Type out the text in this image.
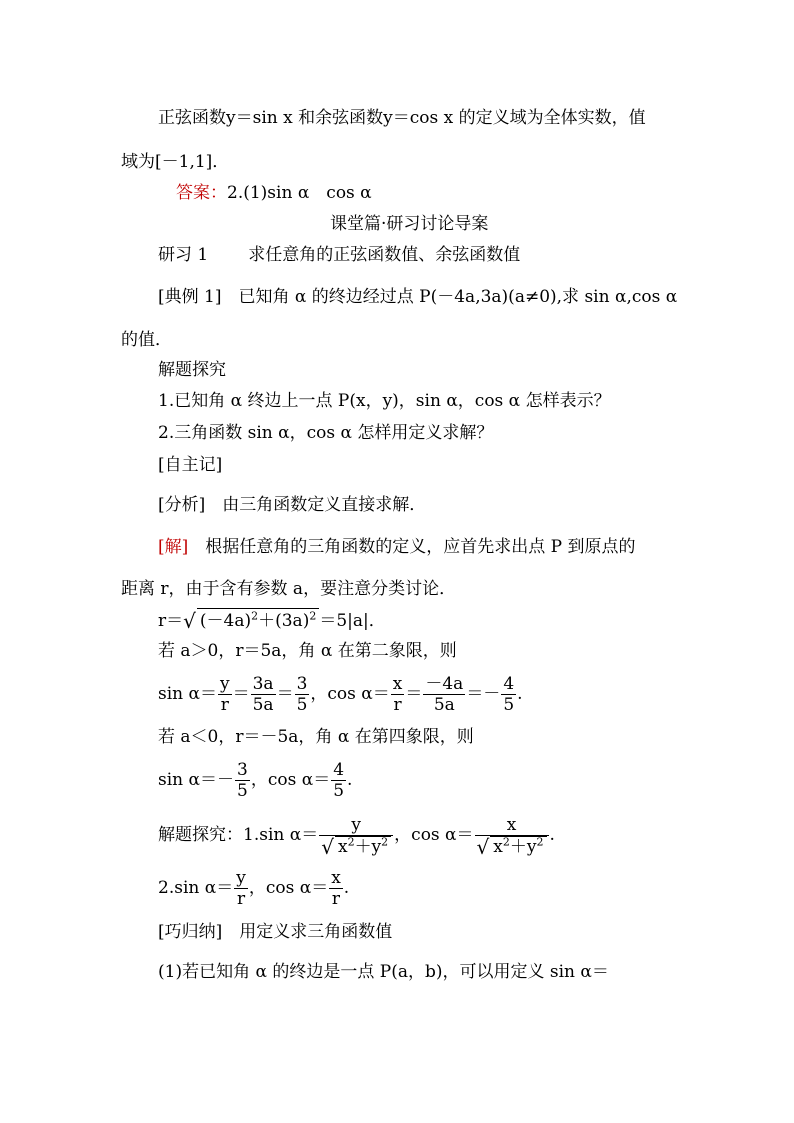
正弦函数y＝sin x 和余弦函数y＝cos x 的定义域为全体实数，值
域为[－1,1]．
答案：2.(1)sin α　cos α
课堂篇·研习讨论导案
研习 1 求任意角的正弦函数值、余弦函数值
[典例 1]　 已知角 α 的终边经过点 P(－4a,3a)(a≠0),求 sin α,cos α
的值．
解题探究
1.已知角 α 终边上一点 P(x，y)，sin α，cos α 怎样表示？
2.三角函数 sin α，cos α 怎样用定义求解？
[自主记]
[分析]　 由三角函数定义直接求解．
[解]　 根据任意角的三角函数的定义，应首先求出点 P 到原点的
距离 r，由于含有参数 a，要注意分类讨论．
r＝√ $(-4a)^2+(3a)^2 =5|a|$．
若 a＞0，r＝5a，角 α 在第二象限，则
$\sin \alpha= \frac{y}{r} = \frac{3a}{5a} = \frac{3}{5}$ ，$\cos \alpha= \frac{x}{r} = \frac{-4a}{5a} =- \frac{4}{5}$ .
若 a＜0，r＝－5a，角 α 在第四象限，则
$\sin \alpha=- \frac{3}{5}$ ，$\cos \alpha= \frac{4}{5}$ .
解题探究：1.sin $\alpha= \frac{y}{√ x^2+y^2}$ ，$\cos \alpha= \frac{x}{√ x^2+y^2}$ .
2.sin $\alpha= \frac{y}{r}$ ，$\cos \alpha= \frac{x}{r}$ .
[巧归纳]　 用定义求三角函数值
(1)若已知角 α 的终边是一点 P(a，b)，可以用定义 sin α＝
